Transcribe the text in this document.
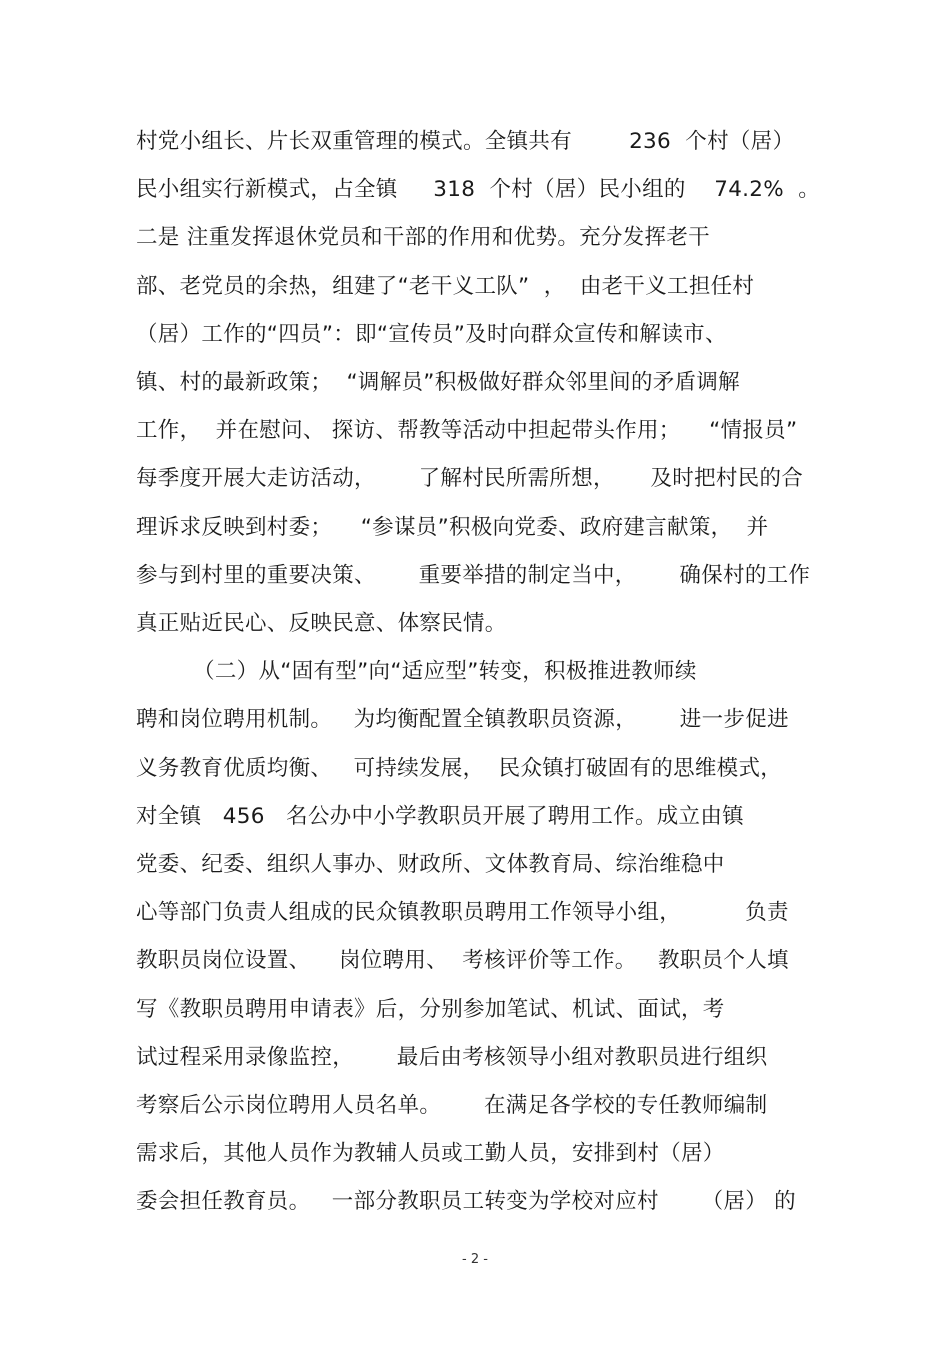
村党小组长、片长双重管理的模式。全镇共有        236  个村（居）
民小组实行新模式，占全镇     318  个村（居）民小组的    74.2%  。
二是 注重发挥退休党员和干部的作用和优势。充分发挥老干
部、老党员的余热，组建了“老干义工队”  ，  由老干义工担任村
（居）工作的“四员”：即“宣传员”及时向群众宣传和解读市、
镇、村的最新政策；  “调解员”积极做好群众邻里间的矛盾调解
工作，  并在慰问、 探访、帮教等活动中担起带头作用；    “情报员”
每季度开展大走访活动，      了解村民所需所想，     及时把村民的合
理诉求反映到村委；    “参谋员”积极向党委、政府建言献策，  并
参与到村里的重要决策、      重要举措的制定当中，      确保村的工作
真正贴近民心、反映民意、体察民情。
（二）从“固有型”向“适应型”转变，积极推进教师续
聘和岗位聘用机制。   为均衡配置全镇教职员资源，      进一步促进
义务教育优质均衡、   可持续发展，  民众镇打破固有的思维模式，
对全镇   456   名公办中小学教职员开展了聘用工作。成立由镇
党委、纪委、组织人事办、财政所、文体教育局、综治维稳中
心等部门负责人组成的民众镇教职员聘用工作领导小组，         负责
教职员岗位设置、    岗位聘用、  考核评价等工作。   教职员个人填
写《教职员聘用申请表》后，分别参加笔试、机试、面试，考
试过程采用录像监控，      最后由考核领导小组对教职员进行组织
考察后公示岗位聘用人员名单。      在满足各学校的专任教师编制
需求后，其他人员作为教辅人员或工勤人员，安排到村（居）
委会担任教育员。   一部分教职员工转变为学校对应村      （居） 的
- 2 -
